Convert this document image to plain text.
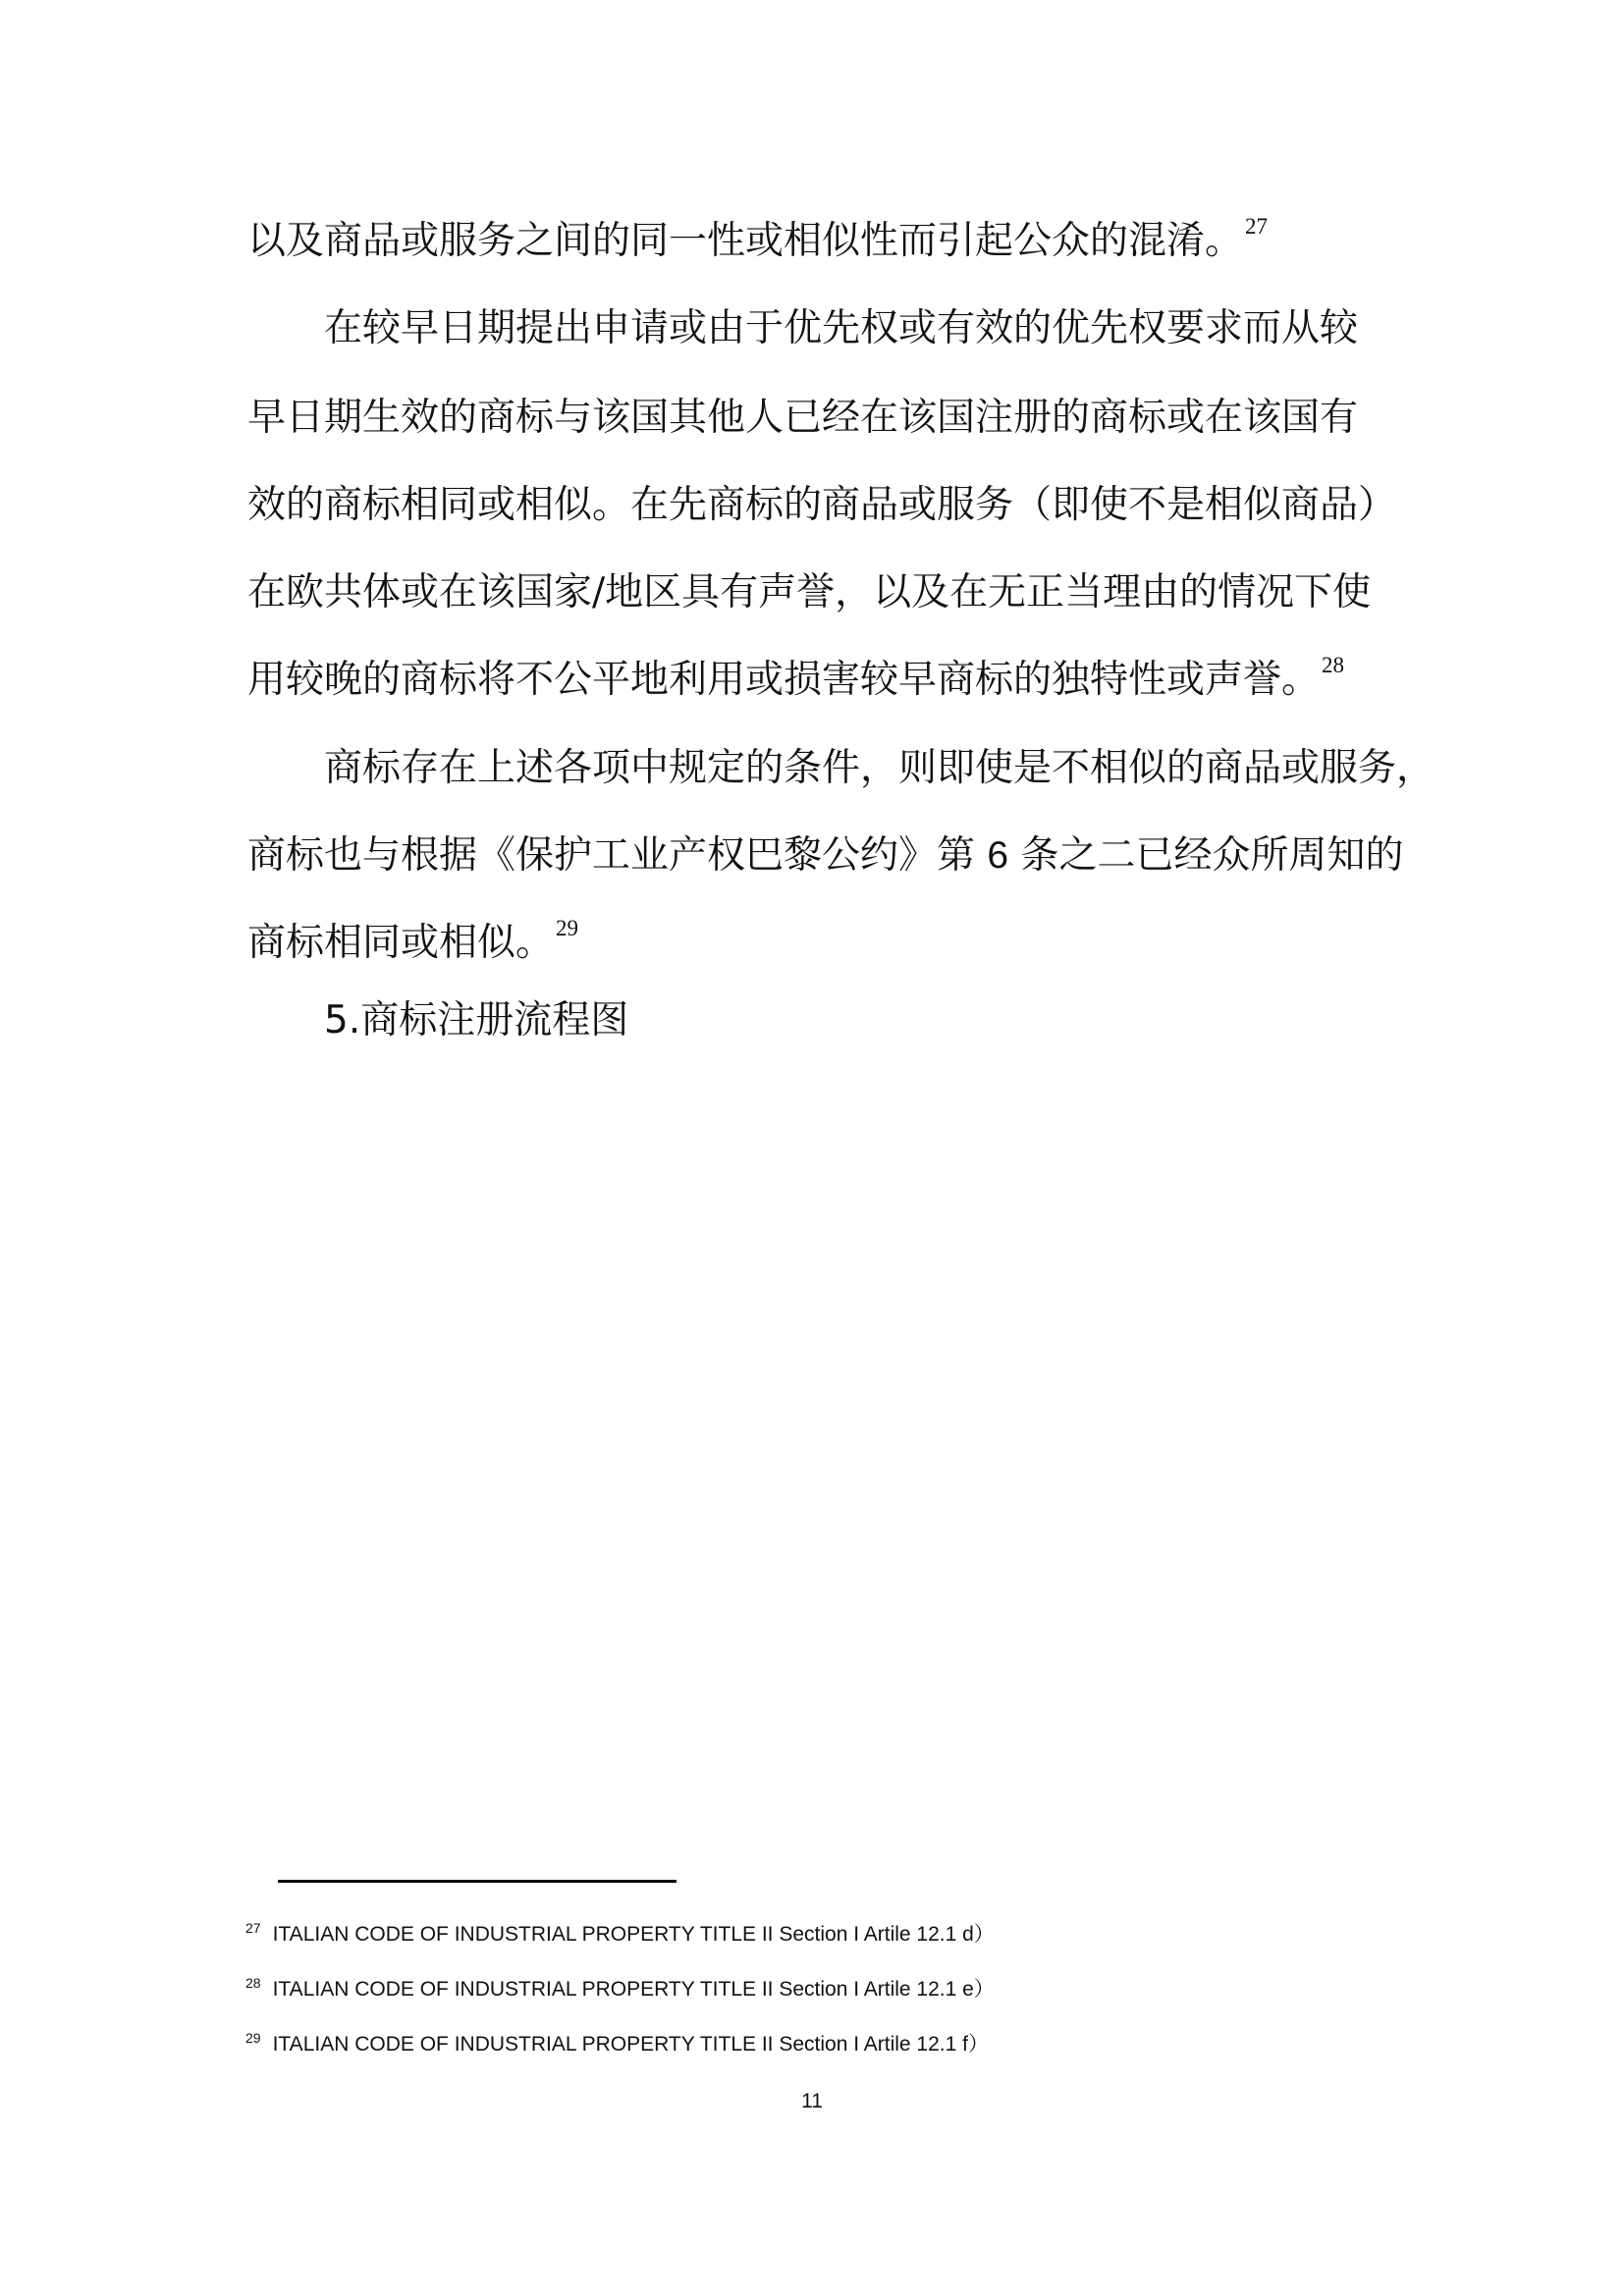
以及商品或服务之间的同一性或相似性而引起公众的混淆。$^{27}$
在较早日期提出申请或由于优先权或有效的优先权要求而从较
早日期生效的商标与该国其他人已经在该国注册的商标或在该国有
效的商标相同或相似。在先商标的商品或服务（即使不是相似商品）
在欧共体或在该国家/地区具有声誉，以及在无正当理由的情况下使
用较晚的商标将不公平地利用或损害较早商标的独特性或声誉。$^{28}$
商标存在上述各项中规定的条件，则即使是不相似的商品或服务，
商标也与根据《保护工业产权巴黎公约》第 6 条之二已经众所周知的
商标相同或相似。$^{29}$
5.商标注册流程图
$^{27}$ ITALIAN CODE OF INDUSTRIAL PROPERTY TITLE II Section I Artile 12.1 d）
$^{28}$ ITALIAN CODE OF INDUSTRIAL PROPERTY TITLE II Section I Artile 12.1 e）
$^{29}$ ITALIAN CODE OF INDUSTRIAL PROPERTY TITLE II Section I Artile 12.1 f）
11
